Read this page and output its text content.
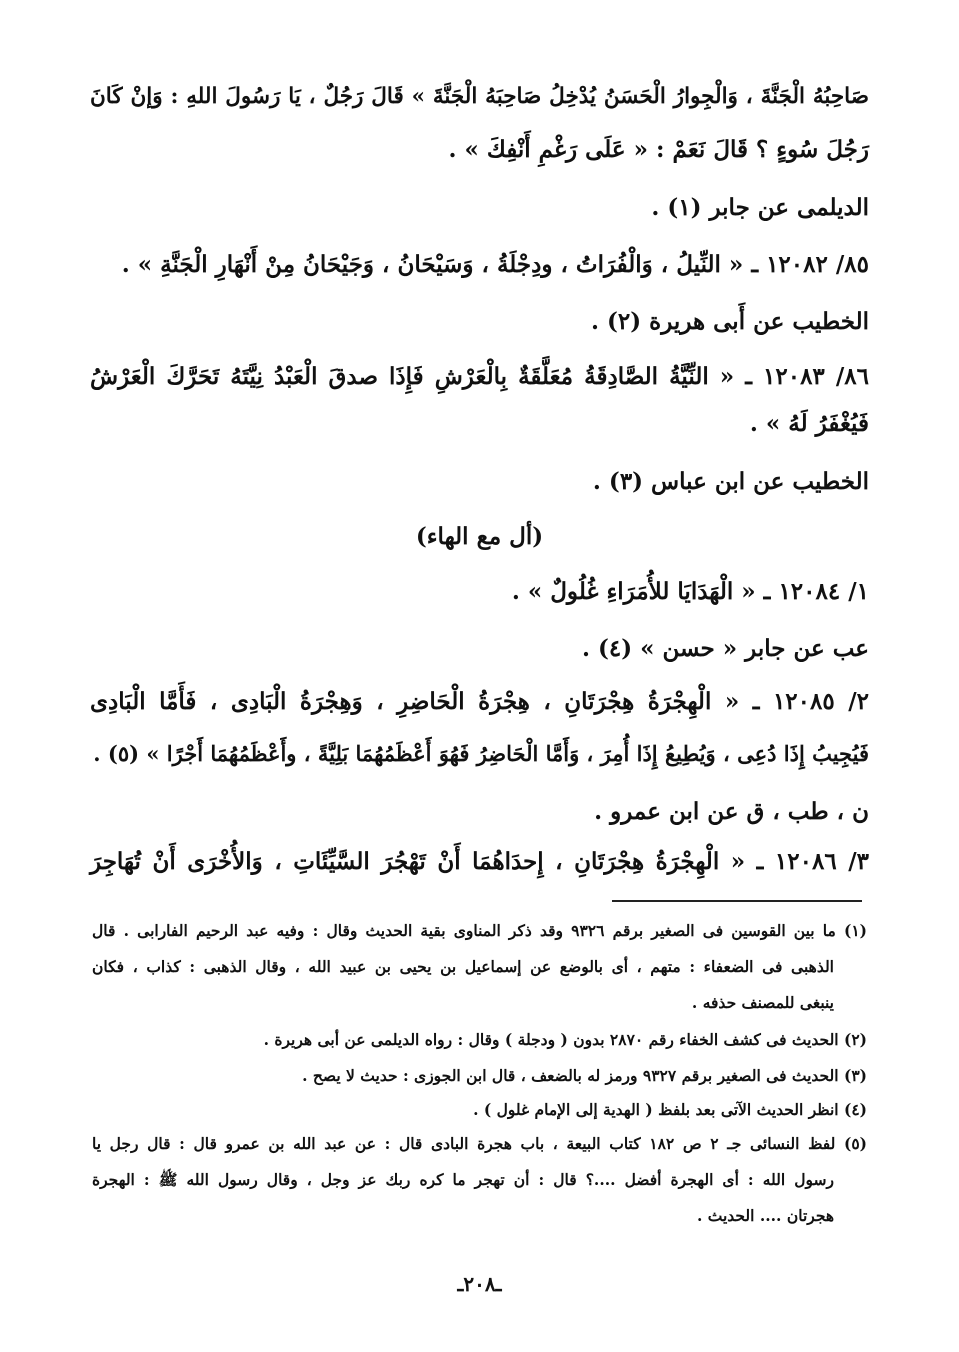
صَاحِبُهُ الْجَنَّةَ ، وَالْجِوارُ الْحَسَنُ يُدْخِلُ صَاحِبَهُ الْجَنَّةَ » قَالَ رَجُلٌ ، يَا رَسُولَ اللهِ : وَإنْ كَانَ
رَجُلَ سُوءٍ ؟ قَالَ نَعَمْ : « عَلَى رَغْمِ أَنْفِكَ » .
الديلمى عن جابر (١) .
٨٥/ ١٢٠٨٢ ـ « النِّيلُ ، وَالْفُرَاتُ ، ودِجْلَةُ ، وَسَيْحَانُ ، وَجَيْحَانُ مِنْ أَنْهَارِ الْجَنَّةِ » .
الخطيب عن أَبى هريرة (٢) .
٨٦/ ١٢٠٨٣ ـ « النِّيَّةُ الصَّادِقَةُ مُعَلَّقَةٌ بِالْعَرْشِ فَإِذَا صدقَ الْعَبْدُ نِيَّتَهُ تَحَرَّكَ الْعَرْشُ
فَيُغْفَرُ لَهُ » .
الخطيب عن ابن عباس (٣) .
(أل مع الهاء)
١/ ١٢٠٨٤ ـ « الْهَدَايَا للأُمَرَاءِ غُلُولٌ » .
عب عن جابر « حسن » (٤) .
٢/ ١٢٠٨٥ ـ « الْهِجْرَةُ هِجْرَتَانِ ، هِجْرَةُ الْحَاضِرِ ، وَهِجْرَةُ الْبَادِى ، فَأَمَّا الْبَادِى
فَيُجِيبُ إِذَا دُعِى ، وَيُطِيعُ إِذَا أُمِرَ ، وَأَمَّا الْحَاضِرُ فَهُوَ أَعْظَمُهُمَا بَلِيَّةً ، وأَعْظَمُهُمَا أَجْرًا » (٥) .
ن ، طب ، ق عن ابن عمرو .
٣/ ١٢٠٨٦ ـ « الْهِجْرَةُ هِجْرَتَانِ ، إِحدَاهُمَا أَنْ تَهْجُرَ السَّيِّئَاتِ ، وَالأُخْرَى أَنْ تُهَاجِرَ
(١) ما بين القوسين فى الصغير برقم ٩٣٢٦ وقد ذكر المناوى بقية الحديث وقال : وفيه عبد الرحيم الفارابى . قال
الذهبى فى الضعفاء : متهم ، أى بالوضع عن إسماعيل بن يحيى بن عبيد الله ، وقال الذهبى : كذاب ، فكان
ينبغى للمصنف حذفه .
(٢) الحديث فى كشف الخفاء رقم ٢٨٧٠ بدون ( ودجلة ) وقال : رواه الديلمى عن أبى هريرة .
(٣) الحديث فى الصغير برقم ٩٣٢٧ ورمز له بالضعف ، قال ابن الجوزى : حديث لا يصح .
(٤) انظر الحديث الآتى بعد بلفظ ( الهدية إلى الإمام غلول ) .
(٥) لفظ النسائى جـ ٢ ص ١٨٢ كتاب البيعة ، باب هجرة البادى قال : عن عبد الله بن عمرو قال : قال رجل يا
رسول الله : أى الهجرة أفضل ....؟ قال : أن تهجر ما كره ربك عز وجل ، وقال رسول الله ﷺ : الهجرة
هجرتان .... الحديث .
ـ٢٠٨ـ
